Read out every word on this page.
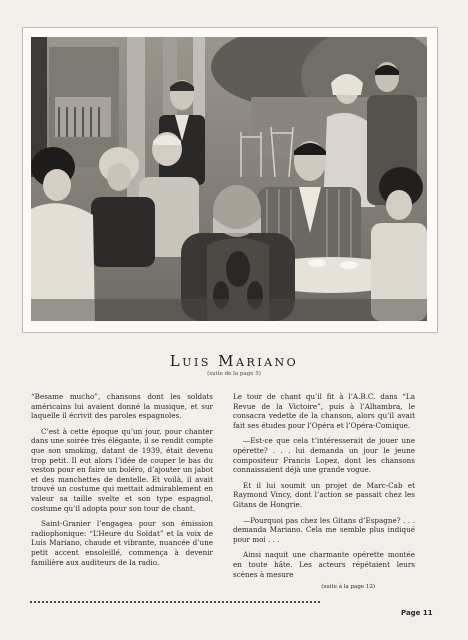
Luis Mariano
(suite de la page 5)

“Besame mucho”, chansons dont les soldats américains lui avaient donné la musique, et sur laquelle il écrivit des paroles espagnoles.

C’est à cette époque qu’un jour, pour chanter dans une soirée très élégante, il se rendit compte que son smoking, datant de 1939, était devenu trop petit. Il eut alors l’idée de couper le bas du veston pour en faire un boléro, d’ajouter un jabot et des manchettes de dentelle. Et voilà, il avait trouvé un costume qui mettait admirablement en valeur sa taille svelte et son type espagnol, costume qu’il adopta pour son tour de chant.

Saint-Granier l’engagea pour son émission radiophonique: “L’Heure du Soldat” et la voix de Luis Mariano, chaude et vibrante, nuancée d’une petit accent ensoleillé, commença à devenir familière aux auditeurs de la radio.

Le tour de chant qu’il fit à l’A.B.C. dans “La Revue de la Victoire”, puis à l’Alhambra, le consacra vedette de la chanson, alors qu’il avait fait ses études pour l’Opéra et l’Opéra-Comique.

—Est-ce que cela t’intéresserait de jouer une opérette? . . . lui demanda un jour le jeune compositeur Francis Lopez, dont les chansons connaissaient déjà une grande vogue.

Et il lui soumit un projet de Marc-Cab et Raymond Vincy, dont l’action se passait chez les Gitans de Hongrie.

—Pourquoi pas chez les Gitans d’Espagne? . . . demanda Mariano. Cela me semble plus indiqué pour moi . . .

Ainsi naquit une charmante opérette montée en toute hâte. Les acteurs répétaient leurs scènes à mesure

(suite à la page 12)
Page 11
